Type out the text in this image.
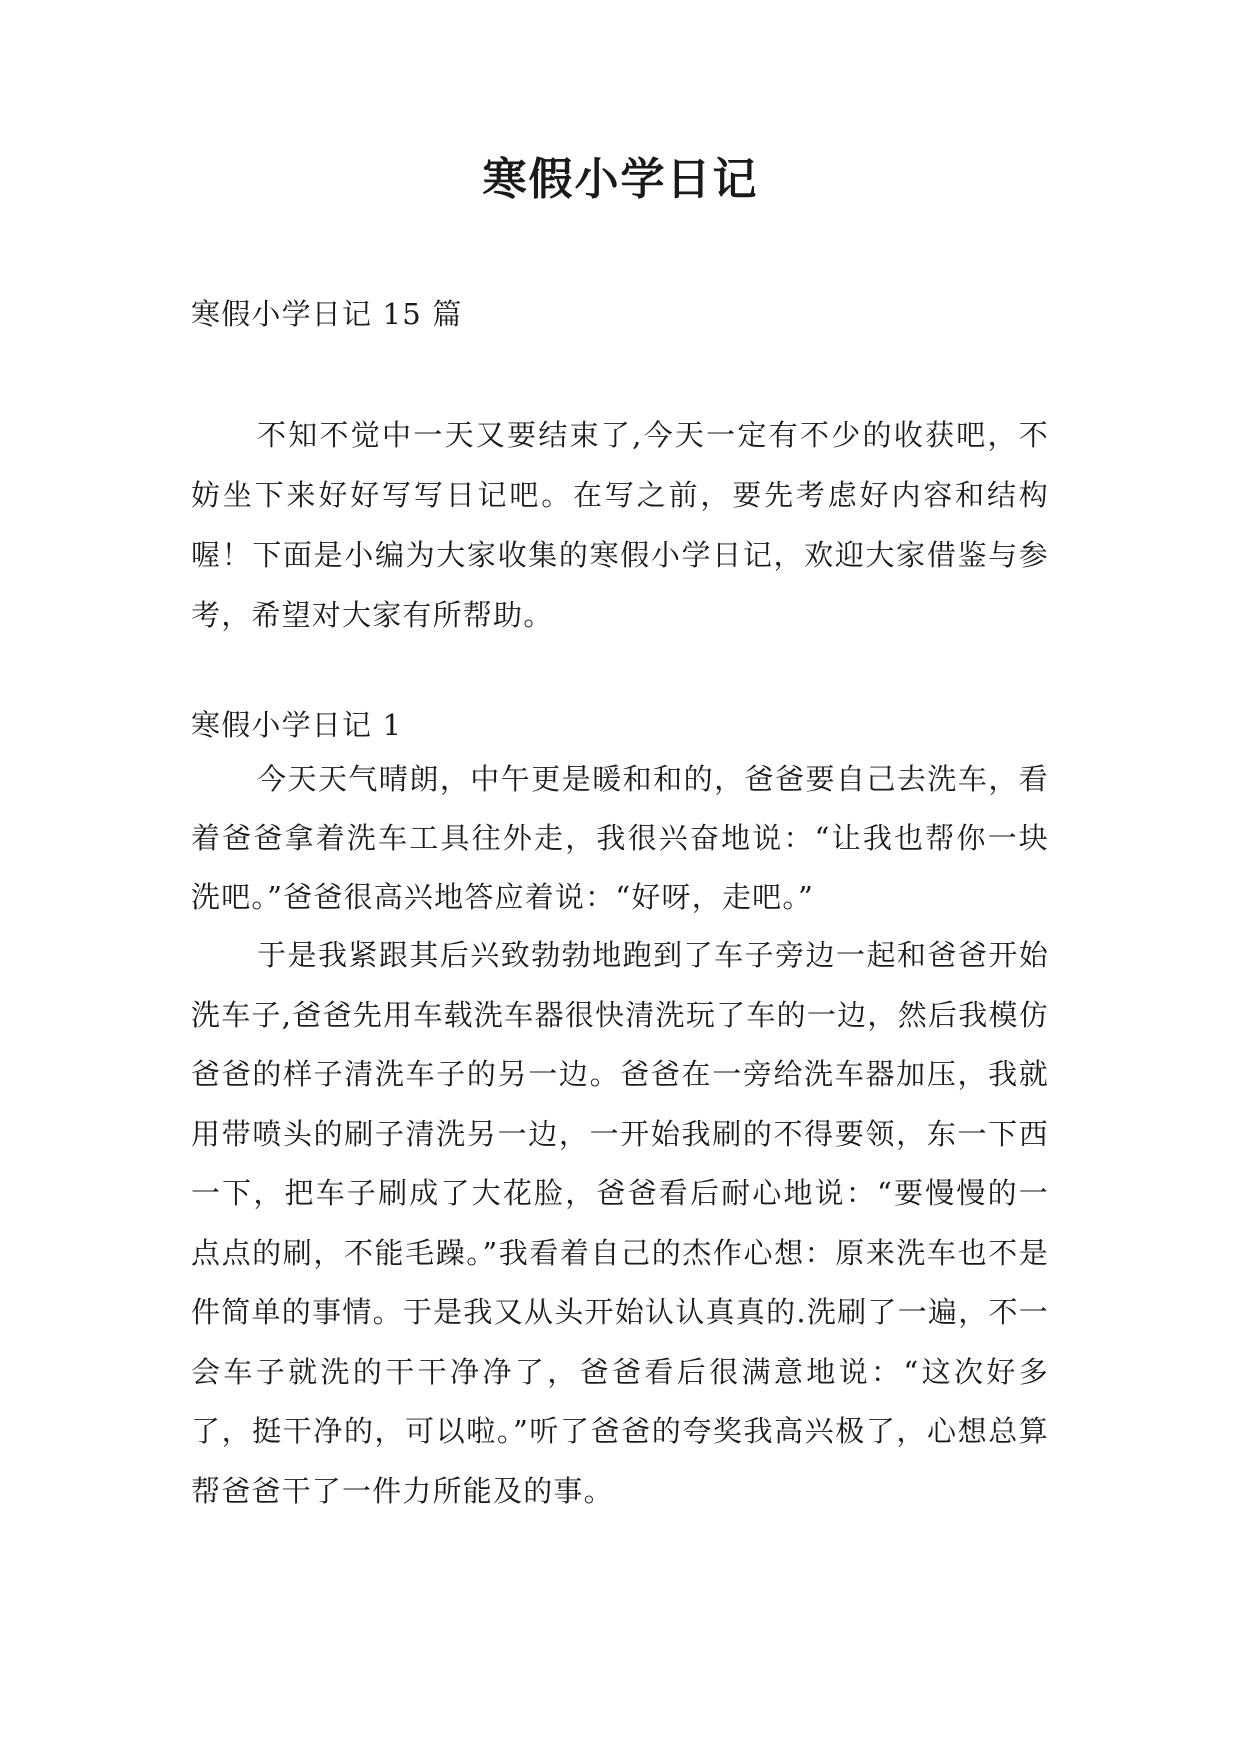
寒假小学日记
寒假小学日记 15 篇
不知不觉中一天又要结束了,今天一定有不少的收获吧，不妨坐下来好好写写日记吧。在写之前，要先考虑好内容和结构喔！下面是小编为大家收集的寒假小学日记，欢迎大家借鉴与参考，希望对大家有所帮助。
寒假小学日记 1
今天天气晴朗，中午更是暖和和的，爸爸要自己去洗车，看着爸爸拿着洗车工具往外走，我很兴奋地说：“让我也帮你一块洗吧。”爸爸很高兴地答应着说：“好呀，走吧。”
于是我紧跟其后兴致勃勃地跑到了车子旁边一起和爸爸开始洗车子,爸爸先用车载洗车器很快清洗玩了车的一边，然后我模仿爸爸的样子清洗车子的另一边。爸爸在一旁给洗车器加压，我就用带喷头的刷子清洗另一边，一开始我刷的不得要领，东一下西一下，把车子刷成了大花脸，爸爸看后耐心地说：“要慢慢的一点点的刷，不能毛躁。”我看着自己的杰作心想：原来洗车也不是件简单的事情。于是我又从头开始认认真真的.洗刷了一遍，不一会车子就洗的干干净净了，爸爸看后很满意地说：“这次好多了，挺干净的，可以啦。”听了爸爸的夸奖我高兴极了，心想总算帮爸爸干了一件力所能及的事。
